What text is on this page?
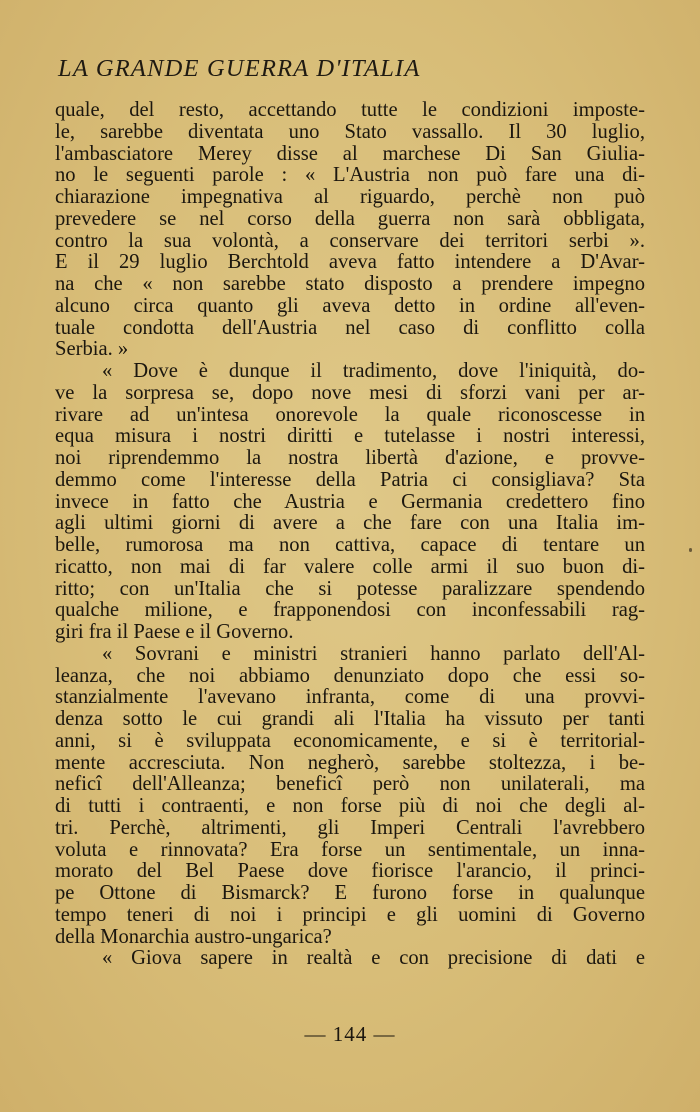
LA GRANDE GUERRA D'ITALIA
quale, del resto, accettando tutte le condizioni imposte-
le, sarebbe diventata uno Stato vassallo. Il 30 luglio,
l'ambasciatore Merey disse al marchese Di San Giulia-
no le seguenti parole : « L'Austria non può fare una di-
chiarazione impegnativa al riguardo, perchè non può
prevedere se nel corso della guerra non sarà obbligata,
contro la sua volontà, a conservare dei territori serbi ».
E il 29 luglio Berchtold aveva fatto intendere a D'Avar-
na che « non sarebbe stato disposto a prendere impegno
alcuno circa quanto gli aveva detto in ordine all'even-
tuale condotta dell'Austria nel caso di conflitto colla
Serbia. »
« Dove è dunque il tradimento, dove l'iniquità, do-
ve la sorpresa se, dopo nove mesi di sforzi vani per ar-
rivare ad un'intesa onorevole la quale riconoscesse in
equa misura i nostri diritti e tutelasse i nostri interessi,
noi riprendemmo la nostra libertà d'azione, e provve-
demmo come l'interesse della Patria ci consigliava? Sta
invece in fatto che Austria e Germania credettero fino
agli ultimi giorni di avere a che fare con una Italia im-
belle, rumorosa ma non cattiva, capace di tentare un
ricatto, non mai di far valere colle armi il suo buon di-
ritto; con un'Italia che si potesse paralizzare spendendo
qualche milione, e frapponendosi con inconfessabili rag-
giri fra il Paese e il Governo.
« Sovrani e ministri stranieri hanno parlato dell'Al-
leanza, che noi abbiamo denunziato dopo che essi so-
stanzialmente l'avevano infranta, come di una provvi-
denza sotto le cui grandi ali l'Italia ha vissuto per tanti
anni, si è sviluppata economicamente, e si è territorial-
mente accresciuta. Non negherò, sarebbe stoltezza, i be-
neficî dell'Alleanza; beneficî però non unilaterali, ma
di tutti i contraenti, e non forse più di noi che degli al-
tri. Perchè, altrimenti, gli Imperi Centrali l'avrebbero
voluta e rinnovata? Era forse un sentimentale, un inna-
morato del Bel Paese dove fiorisce l'arancio, il princi-
pe Ottone di Bismarck? E furono forse in qualunque
tempo teneri di noi i principi e gli uomini di Governo
della Monarchia austro-ungarica?
« Giova sapere in realtà e con precisione di dati e
— 144 —
